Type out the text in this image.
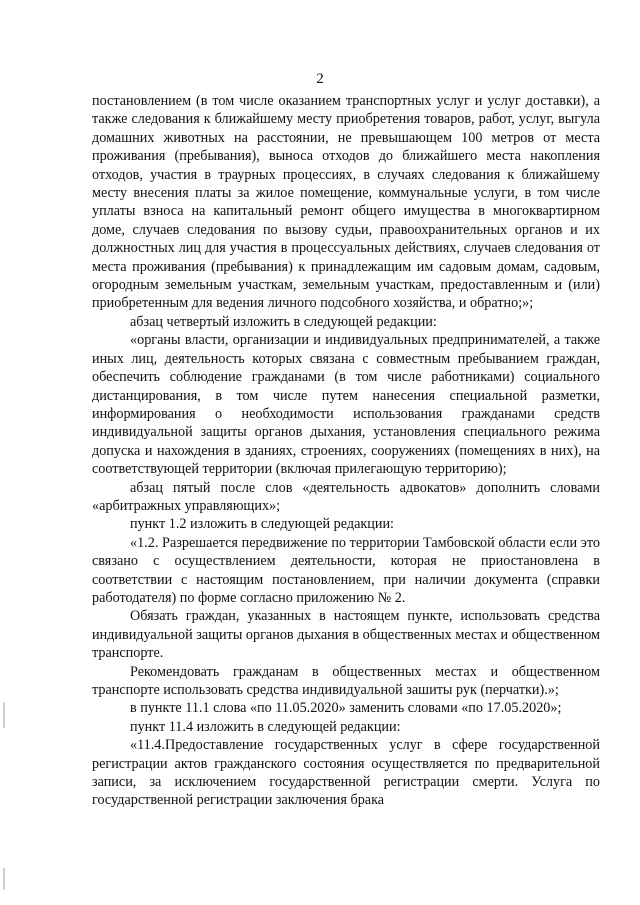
2

постановлением (в том числе оказанием транспортных услуг и услуг доставки), а также следования к ближайшему месту приобретения товаров, работ, услуг, выгула домашних животных на расстоянии, не превышающем 100 метров от места проживания (пребывания), выноса отходов до ближайшего места накопления отходов, участия в траурных процессиях, в случаях следования к ближайшему месту внесения платы за жилое помещение, коммунальные услуги, в том числе уплаты взноса на капитальный ремонт общего имущества в многоквартирном доме, случаев следования по вызову судьи, правоохранительных органов и их должностных лиц для участия в процессуальных действиях, случаев следования от места проживания (пребывания) к принадлежащим им садовым домам, садовым, огородным земельным участкам, земельным участкам, предоставленным и (или) приобретенным для ведения личного подсобного хозяйства, и обратно;»;

абзац четвертый изложить в следующей редакции:

«органы власти, организации и индивидуальных предпринимателей, а также иных лиц, деятельность которых связана с совместным пребыванием граждан, обеспечить соблюдение гражданами (в том числе работниками) социального дистанцирования, в том числе путем нанесения специальной разметки, информирования о необходимости использования гражданами средств индивидуальной защиты органов дыхания, установления специального режима допуска и нахождения в зданиях, строениях, сооружениях (помещениях в них), на соответствующей территории (включая прилегающую территорию);

абзац пятый после слов «деятельность адвокатов» дополнить словами «арбитражных управляющих»;

пункт 1.2 изложить в следующей редакции:

«1.2. Разрешается передвижение по территории Тамбовской области если это связано с осуществлением деятельности, которая не приостановлена в соответствии с настоящим постановлением, при наличии документа (справки работодателя) по форме согласно приложению № 2.

Обязать граждан, указанных в настоящем пункте, использовать средства индивидуальной защиты органов дыхания в общественных местах и общественном транспорте.

Рекомендовать гражданам в общественных местах и общественном транспорте использовать средства индивидуальной зашиты рук (перчатки).»;

в пункте 11.1 слова «по 11.05.2020» заменить словами «по 17.05.2020»;

пункт 11.4 изложить в следующей редакции:

«11.4.Предоставление государственных услуг в сфере государственной регистрации актов гражданского состояния осуществляется по предварительной записи, за исключением государственной регистрации смерти. Услуга по государственной регистрации заключения брака
